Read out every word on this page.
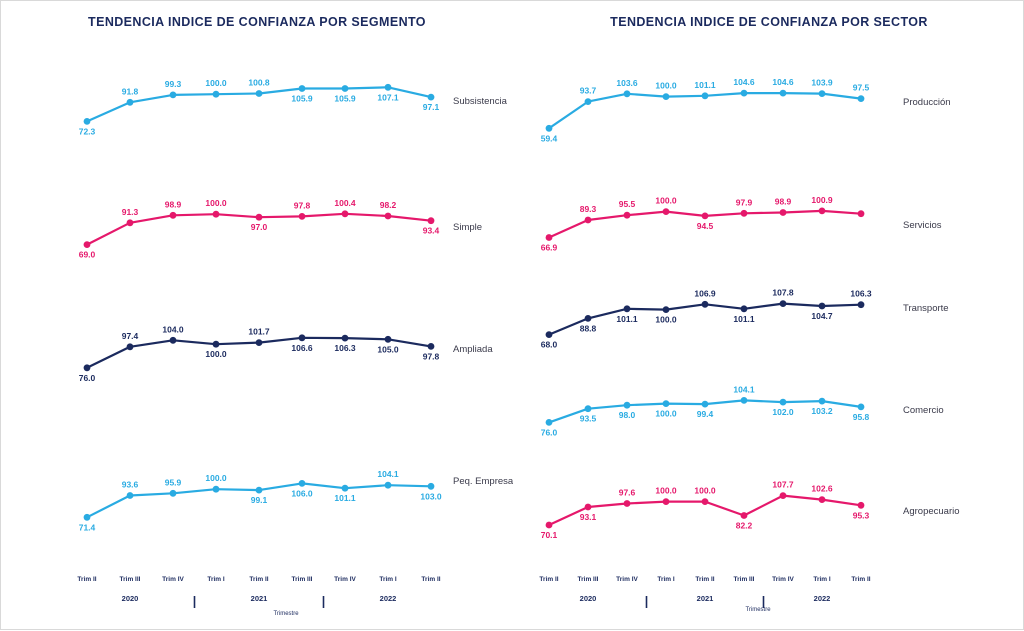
TENDENCIA INDICE DE CONFIANZA POR SEGMENTO
72.3
91.8
99.3	100.0	100.8
105.9	105.9	107.1
97.1
Subsistencia
69.0
91.3
98.9	100.0
97.0
97.8	100.4	98.2
93.4 Simple
76.0
97.4
104.0
100.0
101.7
106.6	106.3	105.0
97.8
Ampliada
71.4
93.6	95.9	100.0
99.1
106.0	101.1
104.1
103.0
Peq. Empresa
Trim II	Trim III	Trim IV	Trim I	Trim II	Trim III	Trim IV	Trim I	Trim II
2020	2021	2022
Trimestre
TENDENCIA INDICE DE CONFIANZA POR SECTOR
59.4
93.7
103.6 100.0 101.1 104.6 104.6 103.9 97.5
Producción
66.9
89.3	95.5 100.0
94.5
97.9	98.9 100.9
Servicios
68.0
88.8
101.1 100.0
106.9
101.1
107.8
104.7
106.3
Transporte
76.0
93.5	98.0 100.0 99.4
104.1
102.0 103.2
95.8
Comercio
70.1
93.1
97.6 100.0 100.0
82.2
107.7 102.6
95.3	Agropecuario
Trim II	Trim III	Trim IV	Trim I	Trim II	Trim III	Trim IV	Trim I	Trim II
2020	2021	2022
Trimestre
